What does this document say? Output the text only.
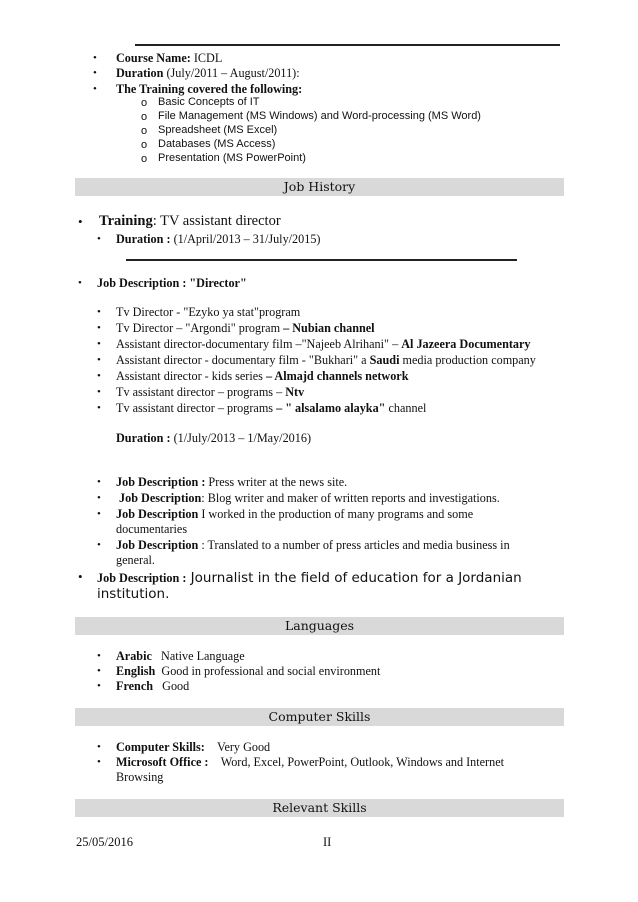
• Course Name: ICDL
• Duration (July/2011 – August/2011):
• The Training covered the following:
o Basic Concepts of IT
o File Management (MS Windows) and Word-processing (MS Word)
o Spreadsheet (MS Excel)
o Databases (MS Access)
o Presentation (MS PowerPoint)
Job History
• Training: TV assistant director
• Duration : (1/April/2013 – 31/July/2015)
• Job Description : "Director"
• Tv Director - "Ezyko ya stat"program
• Tv Director – "Argondi" program – Nubian channel
• Assistant director-documentary film –"Najeeb Alrihani" – Al Jazeera Documentary
• Assistant director - documentary film - "Bukhari" a Saudi media production company
• Assistant director - kids series – Almajd channels network
• Tv assistant director – programs – Ntv
• Tv assistant director – programs – " alsalamo alayka" channel
Duration : (1/July/2013 – 1/May/2016)
• Job Description : Press writer at the news site.
• Job Description: Blog writer and maker of written reports and investigations.
• Job Description I worked in the production of many programs and some
documentaries
• Job Description : Translated to a number of press articles and media business in
general.
• Job Description : Journalist in the field of education for a Jordanian
institution.
Languages
• Arabic Native Language
• English Good in professional and social environment
• French Good
Computer Skills
• Computer Skills: Very Good
• Microsoft Office : Word, Excel, PowerPoint, Outlook, Windows and Internet
Browsing
Relevant Skills
25/05/2016	II
